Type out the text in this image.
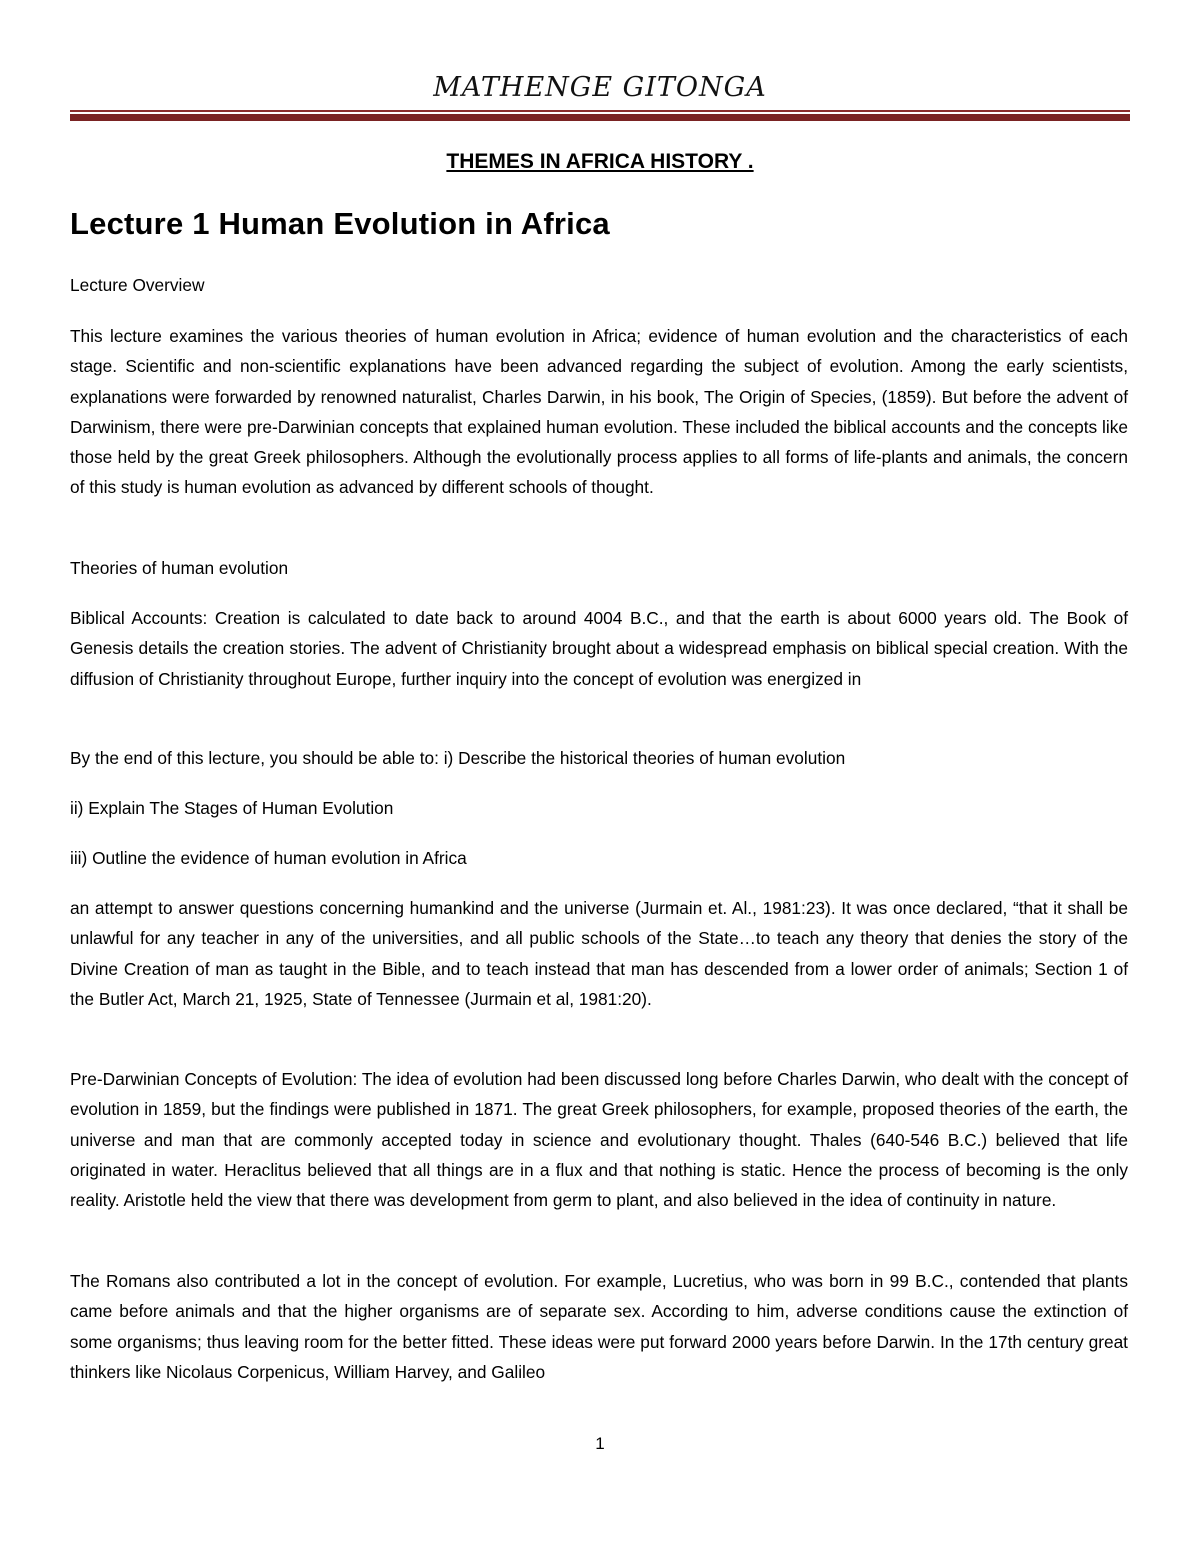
MATHENGE GITONGA
THEMES IN AFRICA HISTORY .
Lecture 1 Human Evolution in Africa

Lecture Overview

This lecture examines the various theories of human evolution in Africa; evidence of human evolution and the characteristics of each stage. Scientific and non-scientific explanations have been advanced regarding the subject of evolution. Among the early scientists, explanations were forwarded by renowned naturalist, Charles Darwin, in his book, The Origin of Species, (1859). But before the advent of Darwinism, there were pre-Darwinian concepts that explained human evolution. These included the biblical accounts and the concepts like those held by the great Greek philosophers. Although the evolutionally process applies to all forms of life-plants and animals, the concern of this study is human evolution as advanced by different schools of thought.

Theories of human evolution

Biblical Accounts: Creation is calculated to date back to around 4004 B.C., and that the earth is about 6000 years old. The Book of Genesis details the creation stories. The advent of Christianity brought about a widespread emphasis on biblical special creation. With the diffusion of Christianity throughout Europe, further inquiry into the concept of evolution was energized in

By the end of this lecture, you should be able to: i) Describe the historical theories of human evolution

ii) Explain The Stages of Human Evolution

iii) Outline the evidence of human evolution in Africa

an attempt to answer questions concerning humankind and the universe (Jurmain et. Al., 1981:23). It was once declared, “that it shall be unlawful for any teacher in any of the universities, and all public schools of the State…to teach any theory that denies the story of the Divine Creation of man as taught in the Bible, and to teach instead that man has descended from a lower order of animals; Section 1 of the Butler Act, March 21, 1925, State of Tennessee (Jurmain et al, 1981:20).

Pre-Darwinian Concepts of Evolution: The idea of evolution had been discussed long before Charles Darwin, who dealt with the concept of evolution in 1859, but the findings were published in 1871. The great Greek philosophers, for example, proposed theories of the earth, the universe and man that are commonly accepted today in science and evolutionary thought. Thales (640-546 B.C.) believed that life originated in water. Heraclitus believed that all things are in a flux and that nothing is static. Hence the process of becoming is the only reality. Aristotle held the view that there was development from germ to plant, and also believed in the idea of continuity in nature.

The Romans also contributed a lot in the concept of evolution. For example, Lucretius, who was born in 99 B.C., contended that plants came before animals and that the higher organisms are of separate sex. According to him, adverse conditions cause the extinction of some organisms; thus leaving room for the better fitted. These ideas were put forward 2000 years before Darwin. In the 17th century great thinkers like Nicolaus Corpenicus, William Harvey, and Galileo

1
